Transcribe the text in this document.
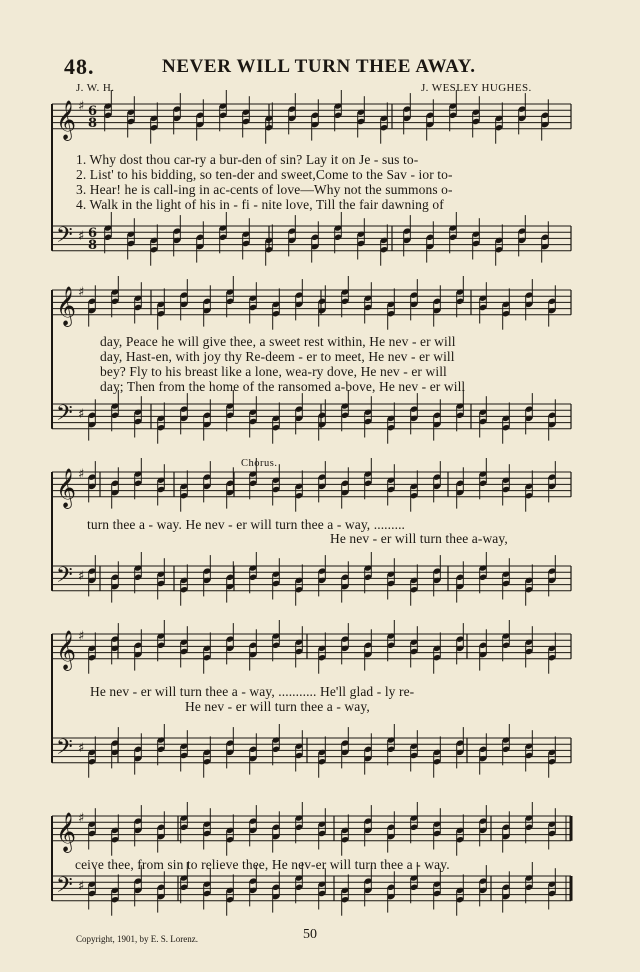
𝄞
𝄢
♯
♯
6
6
8
8
𝄞
𝄢
♯
♯
𝄞
𝄢
♯
♯
𝄞
𝄢
♯
♯
𝄞
𝄢
♯
♯
48.	NEVER WILL TURN THEE AWAY.
J. W. H.	J. WESLEY HUGHES.
1. Why dost thou car-ry a bur-den of sin? Lay it on Je - sus to-
2. List' to his bidding, so ten-der and sweet,Come to the Sav - ior to-
3. Hear! he is call-ing in ac-cents of love—Why not the summons o-
4. Walk in the light of his in - fi - nite love, Till the fair dawning of
day, Peace he will give thee, a sweet rest within, He nev - er will
day, Hast-en, with joy thy Re-deem - er to meet, He nev - er will
bey? Fly to his breast like a lone, wea-ry dove, He nev - er will
day; Then from the home of the ransomed a-bove, He nev - er will
Chorus.
turn thee a - way. He nev - er will turn thee a - way, .........
He nev - er will turn thee a-way,
He nev - er will turn thee a - way, ........... He'll glad - ly re-
He nev - er will turn thee a - way,
ceive thee, from sin to relieve thee, He nev-er will turn thee a - way.
Copyright, 1901, by E. S. Lorenz.	50
